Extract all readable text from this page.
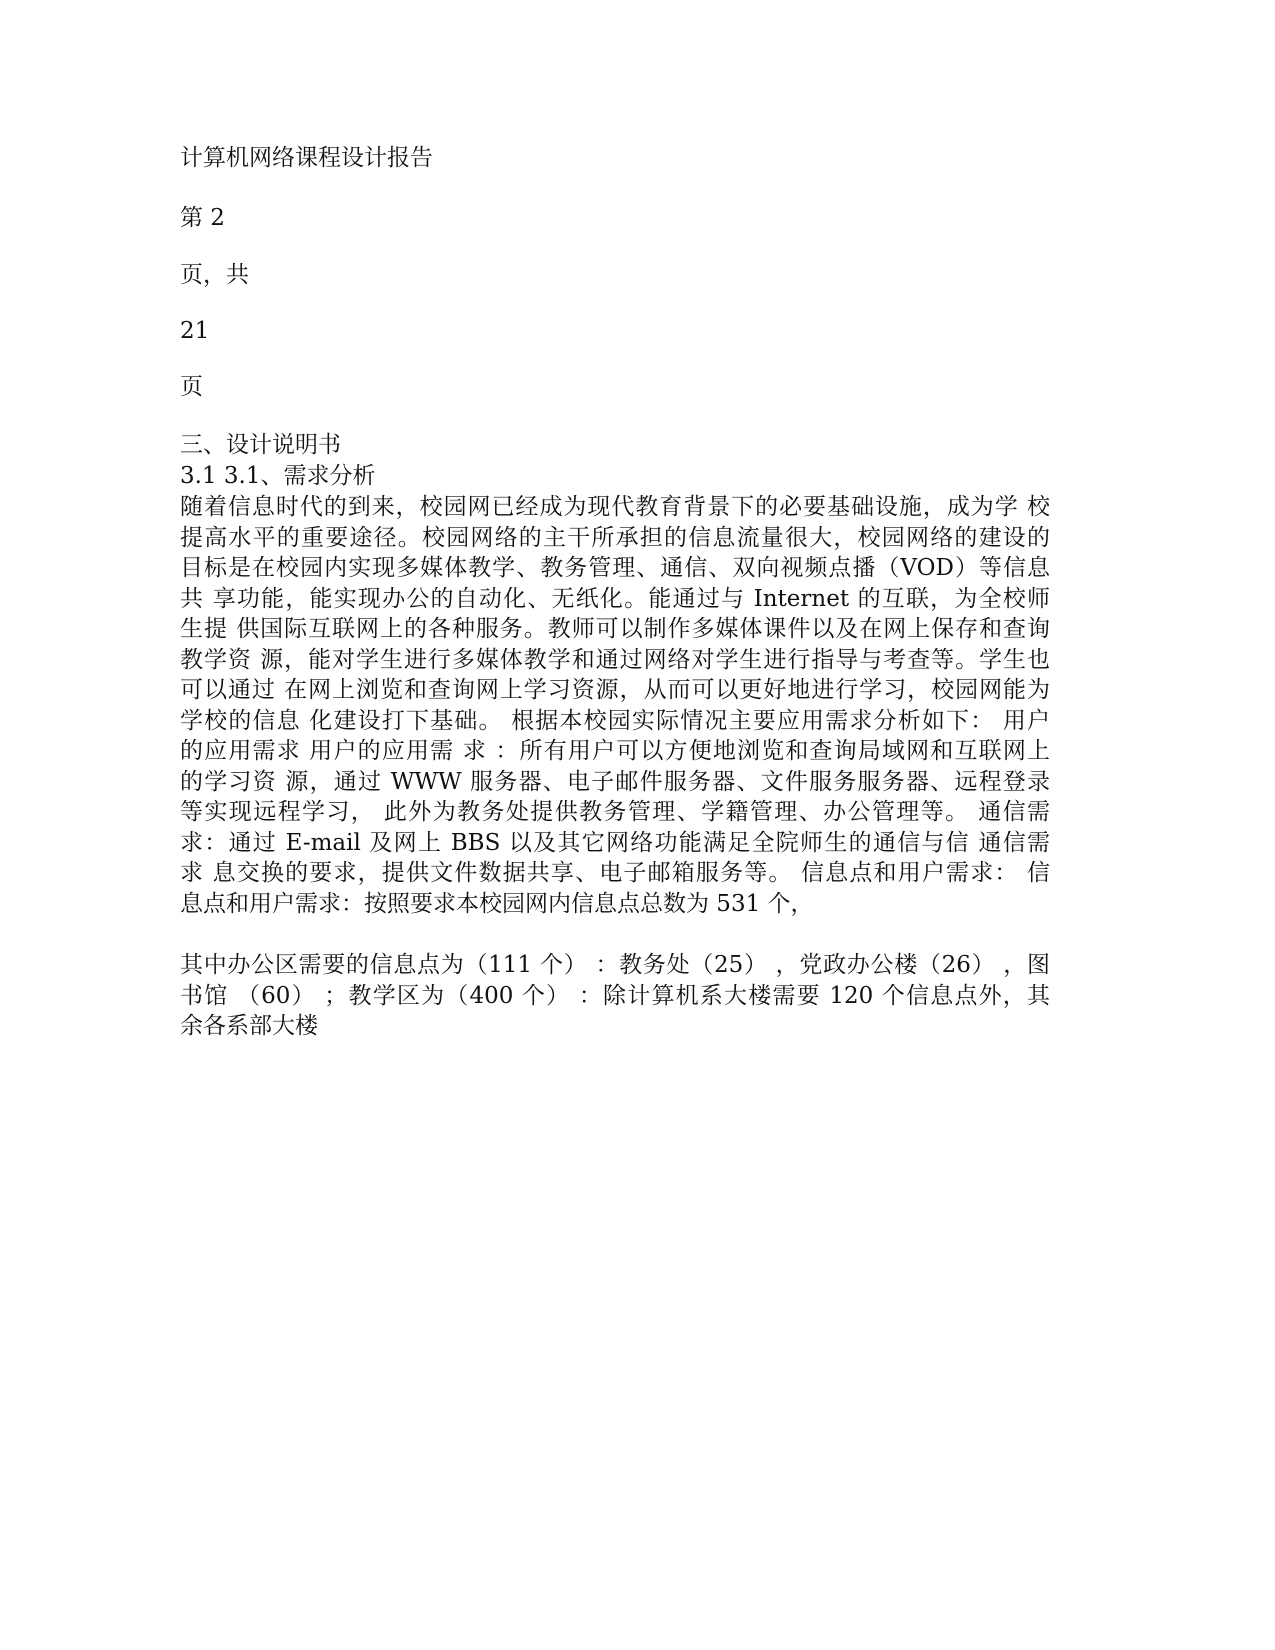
计算机网络课程设计报告
第 2
页，共
21
页
三、设计说明书
3.1 3.1、需求分析
随着信息时代的到来，校园网已经成为现代教育背景下的必要基础设施，成为学 校
提高水平的重要途径。校园网络的主干所承担的信息流量很大，校园网络的建设的
目标是在校园内实现多媒体教学、教务管理、通信、双向视频点播（VOD）等信息
共 享功能，能实现办公的自动化、无纸化。能通过与 Internet 的互联，为全校师
生提 供国际互联网上的各种服务。教师可以制作多媒体课件以及在网上保存和查询
教学资 源，能对学生进行多媒体教学和通过网络对学生进行指导与考查等。学生也
可以通过 在网上浏览和查询网上学习资源，从而可以更好地进行学习，校园网能为
学校的信息 化建设打下基础。 根据本校园实际情况主要应用需求分析如下： 用户
的应用需求 用户的应用需 求 ：所有用户可以方便地浏览和查询局域网和互联网上
的学习资 源，通过 WWW 服务器、电子邮件服务器、文件服务服务器、远程登录
等实现远程学习， 此外为教务处提供教务管理、学籍管理、办公管理等。 通信需
求：通过 E-mail 及网上 BBS 以及其它网络功能满足全院师生的通信与信 通信需
求 息交换的要求，提供文件数据共享、电子邮箱服务等。 信息点和用户需求： 信
息点和用户需求：按照要求本校园网内信息点总数为 531 个，
其中办公区需要的信息点为（111 个） ：教务处（25） ，党政办公楼（26） ，图
书馆 （60） ；教学区为（400 个） ：除计算机系大楼需要 120 个信息点外，其
余各系部大楼
